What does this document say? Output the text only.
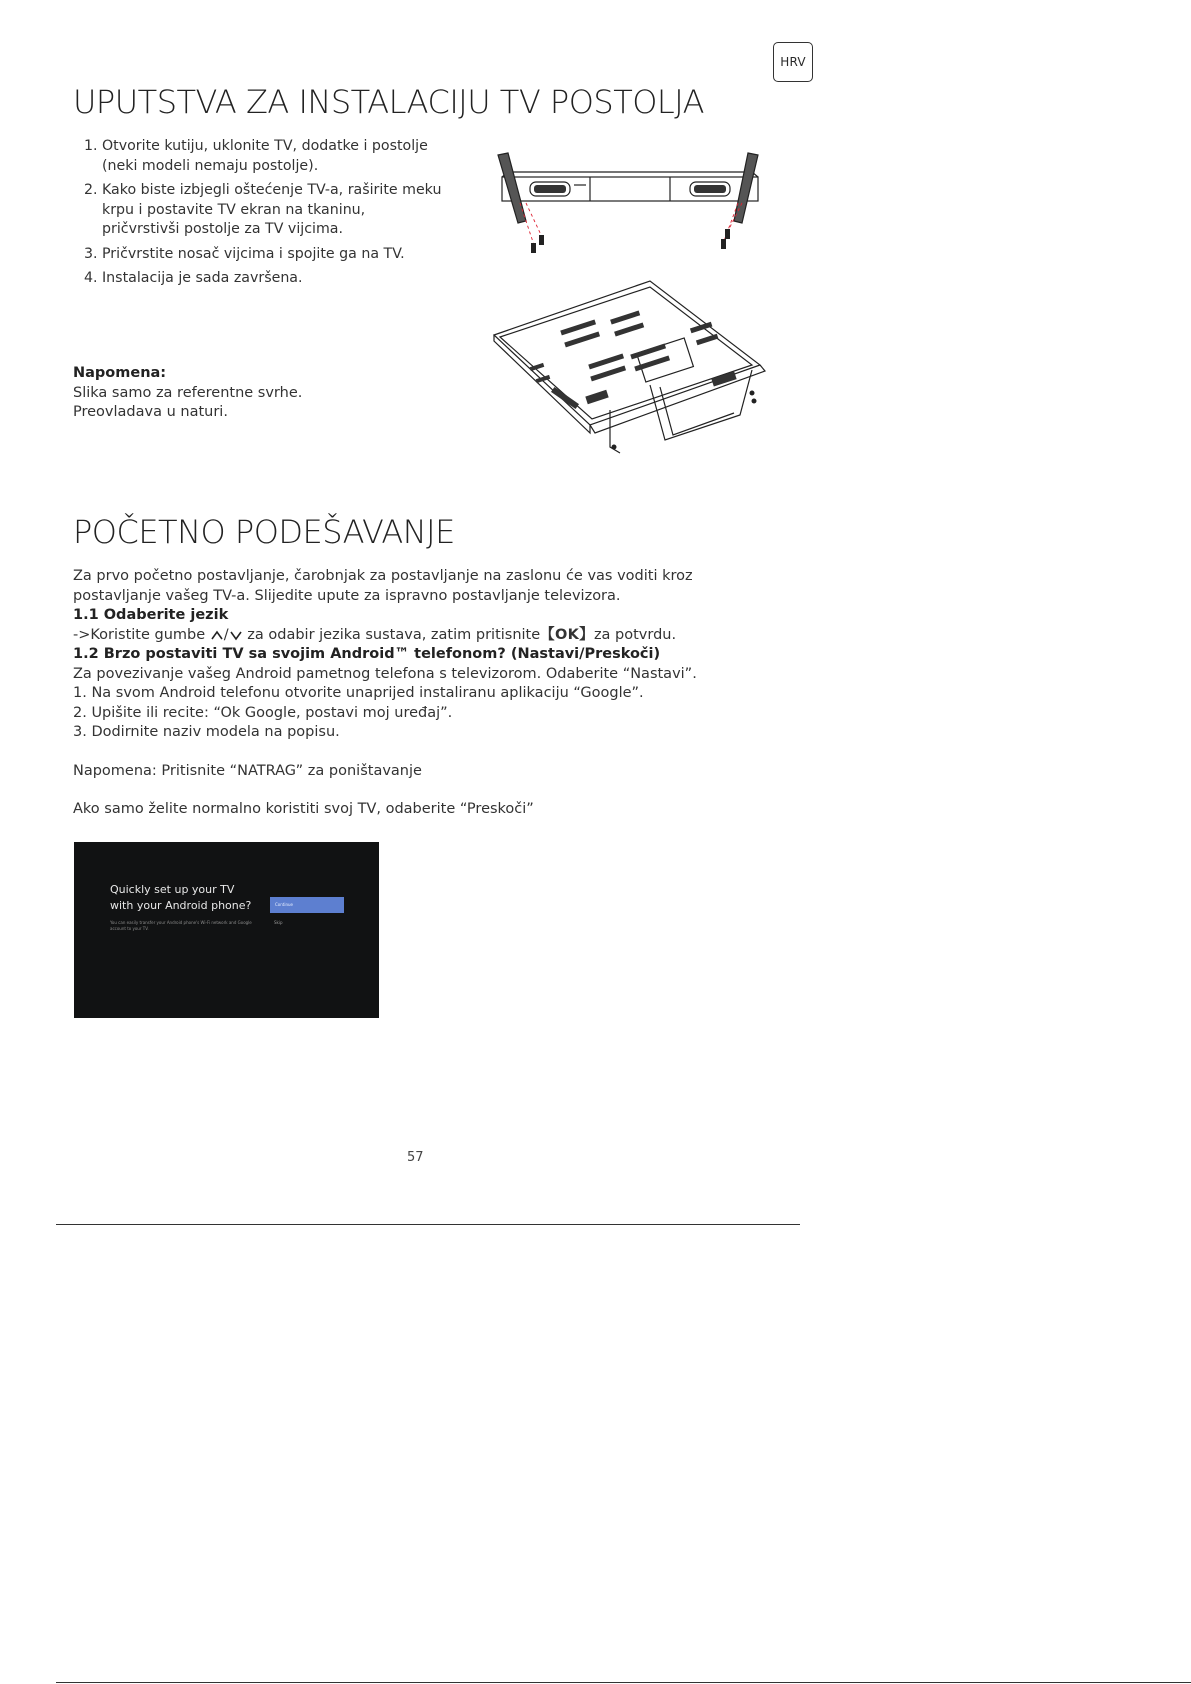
HRV
UPUTSTVA ZA INSTALACIJU TV POSTOLJA
1. Otvorite kutiju, uklonite TV, dodatke i postolje (neki modeli nemaju postolje).
2. Kako biste izbjegli oštećenje TV-a, raširite meku krpu i postavite TV ekran na tkaninu, pričvrstivši postolje za TV vijcima.
3. Pričvrstite nosač vijcima i spojite ga na TV.
4. Instalacija je sada završena.
Napomena:
Slika samo za referentne svrhe.
Preovladava u naturi.
POČETNO PODEŠAVANJE

Za prvo početno postavljanje, čarobnjak za postavljanje na zaslonu će vas voditi kroz postavljanje vašeg TV-a. Slijedite upute za ispravno postavljanje televizora.

1.1 Odaberite jezik

->Koristite gumbe / za odabir jezika sustava, zatim pritisnite【OK】za potvrdu.

1.2 Brzo postaviti TV sa svojim Android™ telefonom? (Nastavi/Preskoči)

Za povezivanje vašeg Android pametnog telefona s televizorom. Odaberite “Nastavi”.

1. Na svom Android telefonu otvorite unaprijed instaliranu aplikaciju “Google”.

2. Upišite ili recite: “Ok Google, postavi moj uređaj”.

3. Dodirnite naziv modela na popisu.

Napomena: Pritisnite “NATRAG” za poništavanje

Ako samo želite normalno koristiti svoj TV, odaberite “Preskoči”

Quickly set up your TV with your Android phone?
You can easily transfer your Android phone's Wi-Fi network and Google account to your TV.
Continue
Skip
57
